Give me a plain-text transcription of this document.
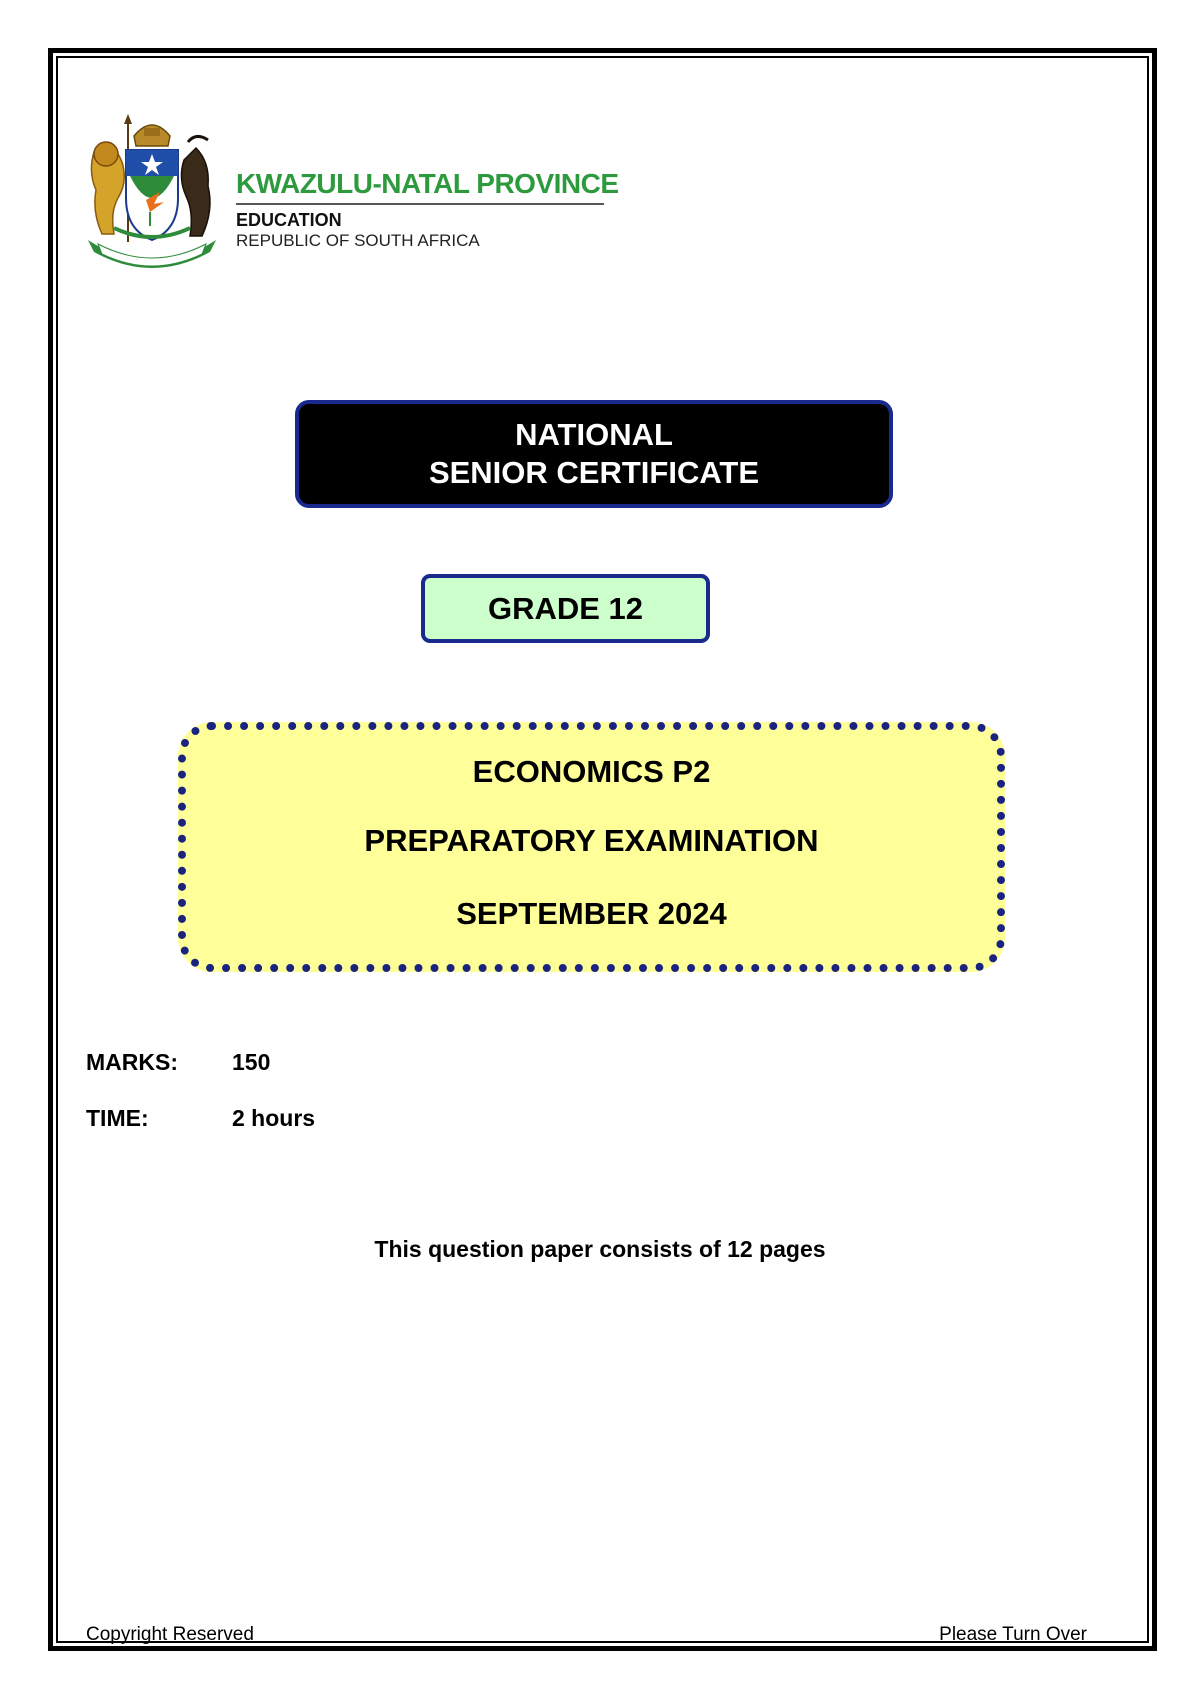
KWAZULU-NATAL PROVINCE
EDUCATION
REPUBLIC OF SOUTH AFRICA
NATIONAL
SENIOR CERTIFICATE
GRADE 12
ECONOMICS P2
PREPARATORY EXAMINATION
SEPTEMBER 2024
MARKS: 150
TIME:	2 hours
This question paper consists of 12 pages
Copyright Reserved	Please Turn Over
